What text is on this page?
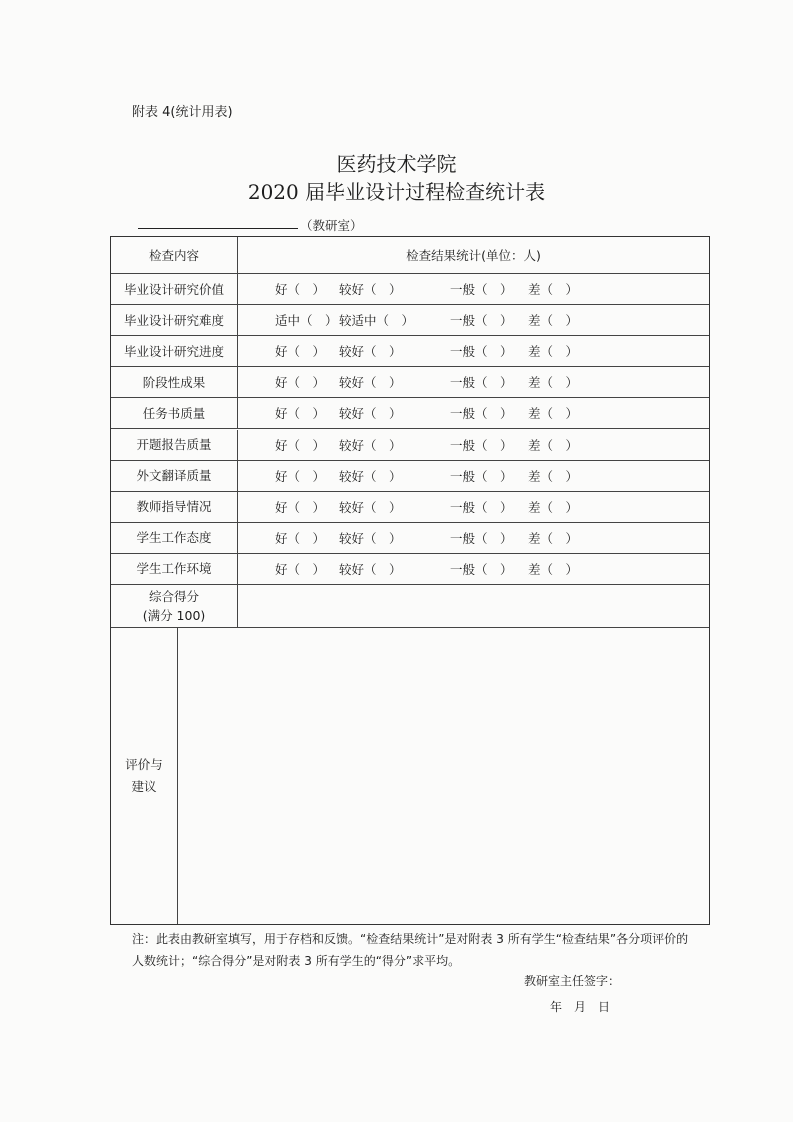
附表 4(统计用表)
医药技术学院
2020 届毕业设计过程检查统计表
（教研室）
检查内容	检查结果统计(单位：人)
毕业设计研究价值	好（　） 较好（　）	一般（　） 差（　）
毕业设计研究难度	适中（　） 较适中（　）	一般（　） 差（　）
毕业设计研究进度	好（　） 较好（　）	一般（　） 差（　）
阶段性成果	好（　） 较好（　）	一般（　） 差（　）
任务书质量	好（　） 较好（　）	一般（　） 差（　）
开题报告质量	好（　） 较好（　）	一般（　） 差（　）
外文翻译质量	好（　） 较好（　）	一般（　） 差（　）
教师指导情况	好（　） 较好（　）	一般（　） 差（　）
学生工作态度	好（　） 较好（　）	一般（　） 差（　）
学生工作环境	好（　） 较好（　）	一般（　） 差（　）
综合得分
(满分 100)
评价与
建议
注：此表由教研室填写，用于存档和反馈。“检查结果统计”是对附表 3 所有学生“检查结果”各分项评价的人数统计；“综合得分”是对附表 3 所有学生的“得分”求平均。
教研室主任签字：
年　月　日
